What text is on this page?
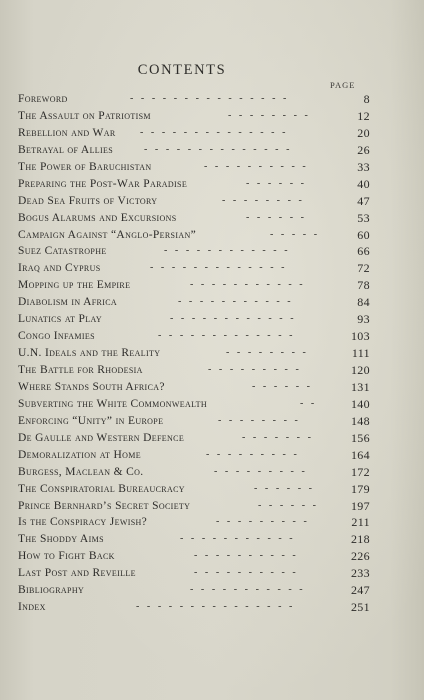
CONTENTS
PAGE
Foreword	---------------	8
The Assault on Patriotism	--------	12
Rebellion and War --------------	20
Betrayal of Allies	--------------	26
The Power of Baruchistan	----------	33
Preparing the Post-War Paradise	------	40
Dead Sea Fruits of Victory	--------	47
Bogus Alarums and Excursions	------	53
Campaign Against “Anglo-Persian”	-----	60
Suez Catastrophe	------------	66
Iraq and Cyprus	-------------	72
Mopping up the Empire	-----------	78
Diabolism in Africa	-----------	84
Lunatics at Play	------------	93
Congo Infamies	-------------	103
U.N. Ideals and the Reality	--------	111
The Battle for Rhodesia	---------	120
Where Stands South Africa?	------	131
Subverting the White Commonwealth	-- 140
Enforcing “Unity” in Europe	--------	148
De Gaulle and Western Defence	-------	156
Demoralization at Home	---------	164
Burgess, Maclean & Co.	---------	172
The Conspiratorial Bureaucracy	------	179
Prince Bernhard’s Secret Society	------ 197
Is the Conspiracy Jewish?	---------	211
The Shoddy Aims	-----------	218
How to Fight Back	----------	226
Last Post and Reveille	----------	233
Bibliography	-----------	247
Index	---------------	251
